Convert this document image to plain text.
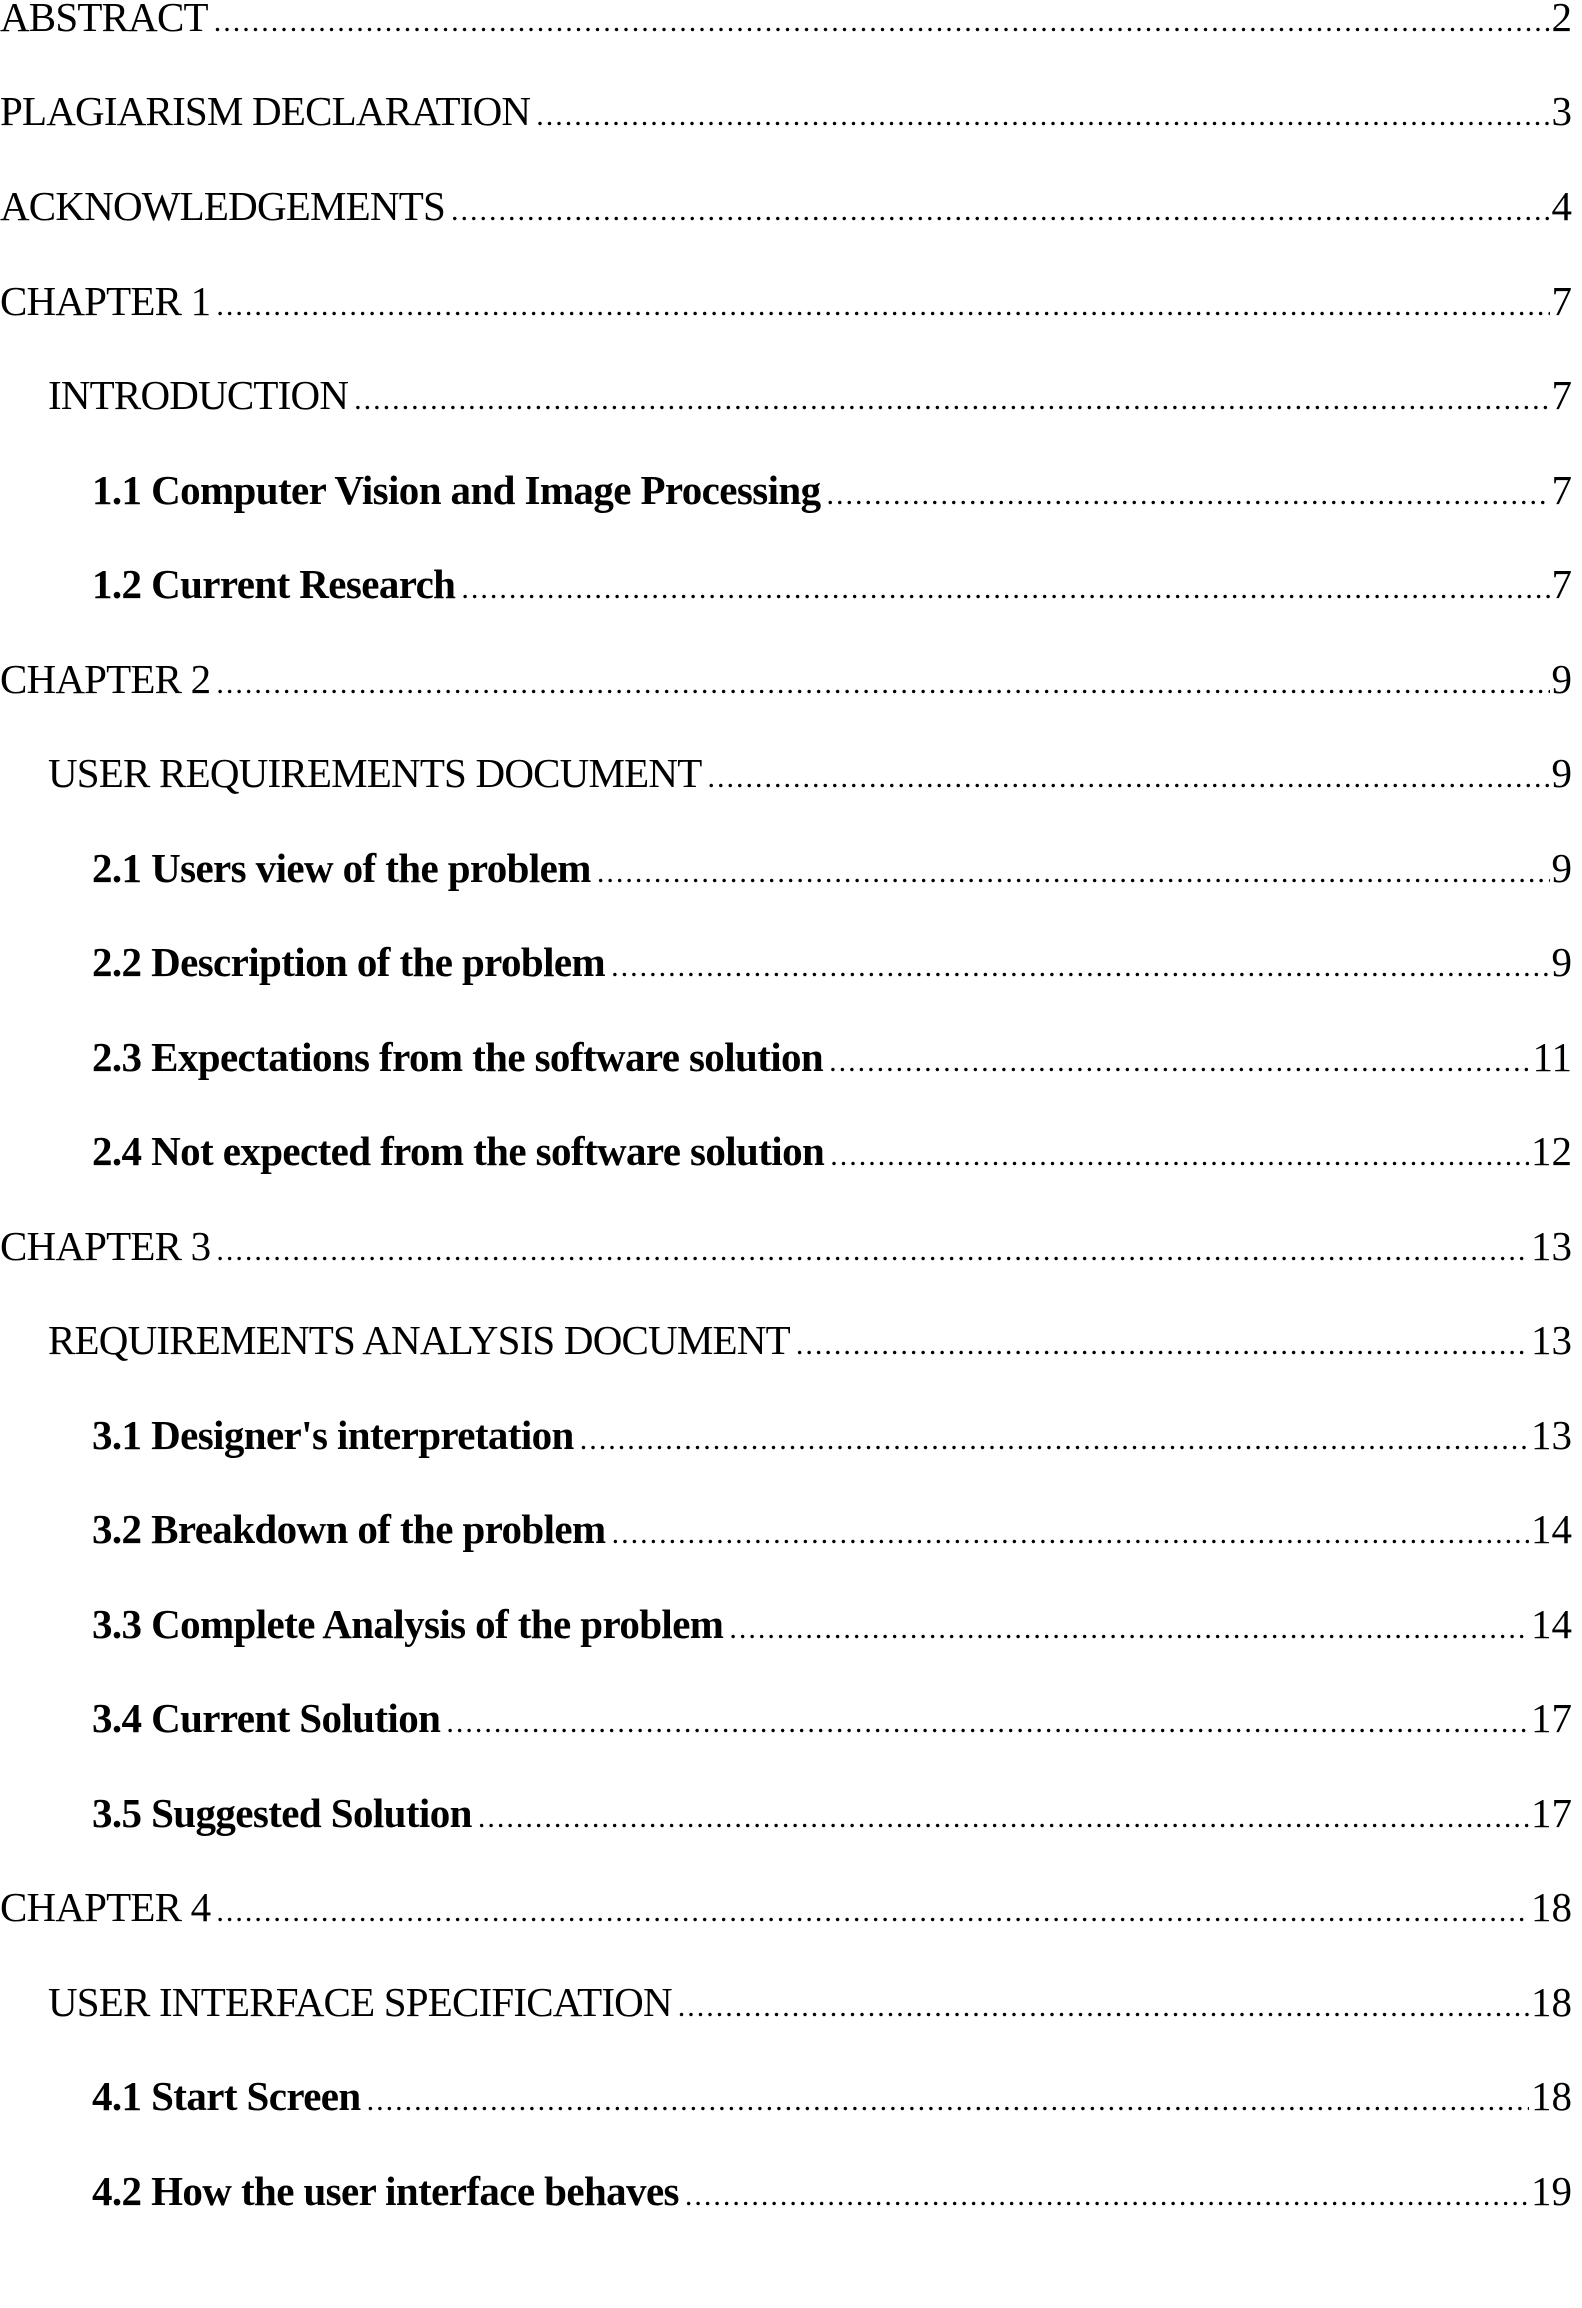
ABSTRACT .....	2
PLAGIARISM DECLARATION .....	3
ACKNOWLEDGEMENTS .....	4
CHAPTER 1 .....	7
INTRODUCTION .....	7
1.1 Computer Vision and Image Processing .....	7
1.2 Current Research .....	7
CHAPTER 2 .....	9
USER REQUIREMENTS DOCUMENT .....	9
2.1 Users view of the problem .....	9
2.2 Description of the problem .....	9
2.3 Expectations from the software solution .....	11
2.4 Not expected from the software solution .....	12
CHAPTER 3 .....	13
REQUIREMENTS ANALYSIS DOCUMENT .....	13
3.1 Designer's interpretation .....	13
3.2 Breakdown of the problem .....	14
3.3 Complete Analysis of the problem .....	14
3.4 Current Solution .....	17
3.5 Suggested Solution .....	17
CHAPTER 4 .....	18
USER INTERFACE SPECIFICATION .....	18
4.1 Start Screen .....	18
4.2 How the user interface behaves .....	19
